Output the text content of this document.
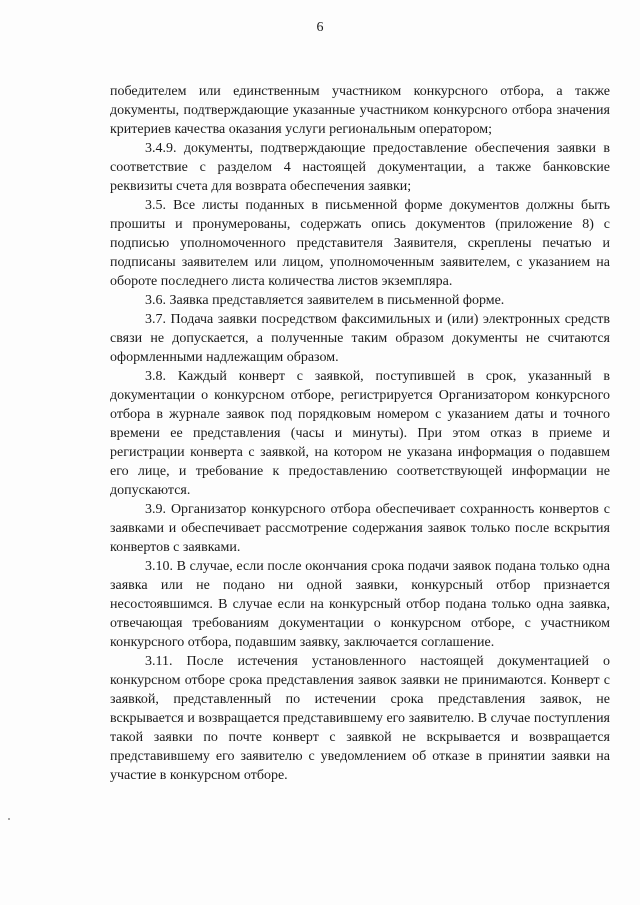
6

победителем или единственным участником конкурсного отбора, а также документы, подтверждающие указанные участником конкурсного отбора значения критериев качества оказания услуги региональным оператором;

3.4.9. документы, подтверждающие предоставление обеспечения заявки в соответствие с разделом 4 настоящей документации, а также банковские реквизиты счета для возврата обеспечения заявки;

3.5. Все листы поданных в письменной форме документов должны быть прошиты и пронумерованы, содержать опись документов (приложение 8) с подписью уполномоченного представителя Заявителя, скреплены печатью и подписаны заявителем или лицом, уполномоченным заявителем, с указанием на обороте последнего листа количества листов экземпляра.

3.6. Заявка представляется заявителем в письменной форме.

3.7. Подача заявки посредством факсимильных и (или) электронных средств связи не допускается, а полученные таким образом документы не считаются оформленными надлежащим образом.

3.8. Каждый конверт с заявкой, поступившей в срок, указанный в документации о конкурсном отборе, регистрируется Организатором конкурсного отбора в журнале заявок под порядковым номером с указанием даты и точного времени ее представления (часы и минуты). При этом отказ в приеме и регистрации конверта с заявкой, на котором не указана информация о подавшем его лице, и требование к предоставлению соответствующей информации не допускаются.

3.9. Организатор конкурсного отбора обеспечивает сохранность конвертов с заявками и обеспечивает рассмотрение содержания заявок только после вскрытия конвертов с заявками.

3.10. В случае, если после окончания срока подачи заявок подана только одна заявка или не подано ни одной заявки, конкурсный отбор признается несостоявшимся. В случае если на конкурсный отбор подана только одна заявка, отвечающая требованиям документации о конкурсном отборе, с участником конкурсного отбора, подавшим заявку, заключается соглашение.

3.11. После истечения установленного настоящей документацией о конкурсном отборе срока представления заявок заявки не принимаются. Конверт с заявкой, представленный по истечении срока представления заявок, не вскрывается и возвращается представившему его заявителю. В случае поступления такой заявки по почте конверт с заявкой не вскрывается и возвращается представившему его заявителю с уведомлением об отказе в принятии заявки на участие в конкурсном отборе.
